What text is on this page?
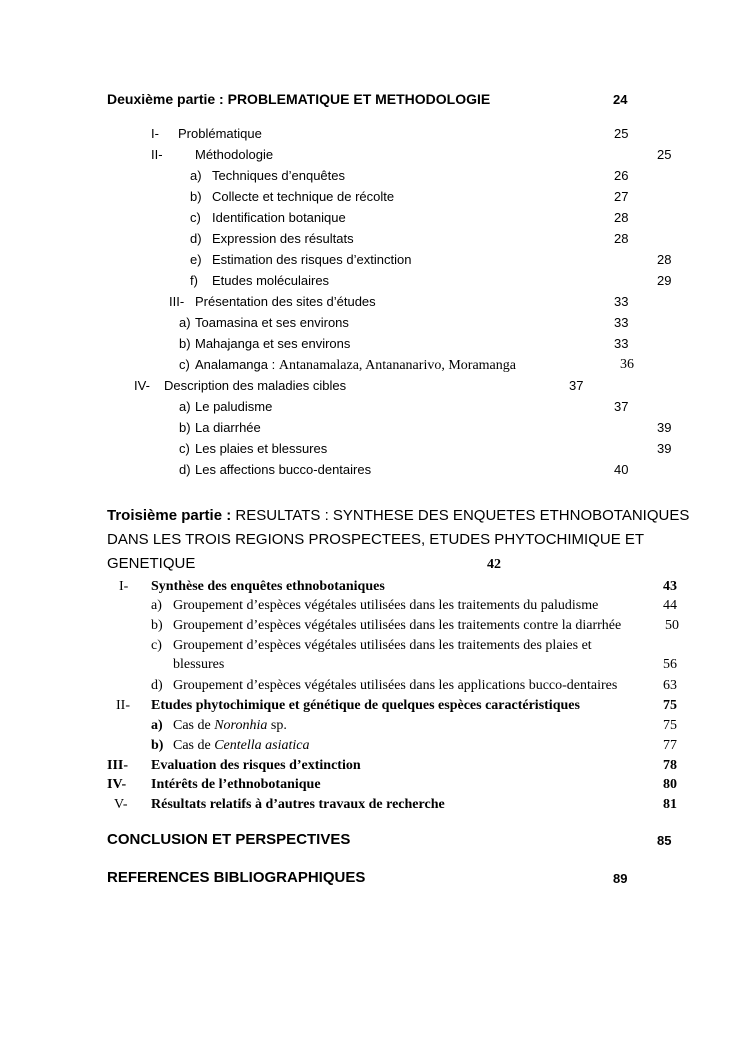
Deuxième partie : PROBLEMATIQUE ET METHODOLOGIE	24
I- Problématique	25
II- Méthodologie	25
a) Techniques d’enquêtes	26
b) Collecte et technique de récolte	27
c) Identification botanique	28
d) Expression des résultats	28
e) Estimation des risques d’extinction	28
f) Etudes moléculaires	29
III- Présentation des sites d’études	33
a) Toamasina et ses environs	33
b) Mahajanga et ses environs	33
c) Analamanga : Antanamalaza, Antananarivo, Moramanga	36
IV- Description des maladies cibles	37
a) Le paludisme	37
b) La diarrhée	39
c) Les plaies et blessures	39
d) Les affections bucco-dentaires	40
Troisième partie : RESULTATS : SYNTHESE DES ENQUETES ETHNOBOTANIQUES
DANS LES TROIS REGIONS PROSPECTEES, ETUDES PHYTOCHIMIQUE ET
GENETIQUE	42
I- Synthèse des enquêtes ethnobotaniques	43
a) Groupement d’espèces végétales utilisées dans les traitements du paludisme	44
b) Groupement d’espèces végétales utilisées dans les traitements contre la diarrhée	50
c) Groupement d’espèces végétales utilisées dans les traitements des plaies et
blessures	56
d) Groupement d’espèces végétales utilisées dans les applications bucco-dentaires	63
II- Etudes phytochimique et génétique de quelques espèces caractéristiques	75
a) Cas de Noronhia sp.	75
b) Cas de Centella asiatica	77
III- Evaluation des risques d’extinction	78
IV- Intérêts de l’ethnobotanique	80
V- Résultats relatifs à d’autres travaux de recherche	81
CONCLUSION ET PERSPECTIVES	85
REFERENCES BIBLIOGRAPHIQUES	89
